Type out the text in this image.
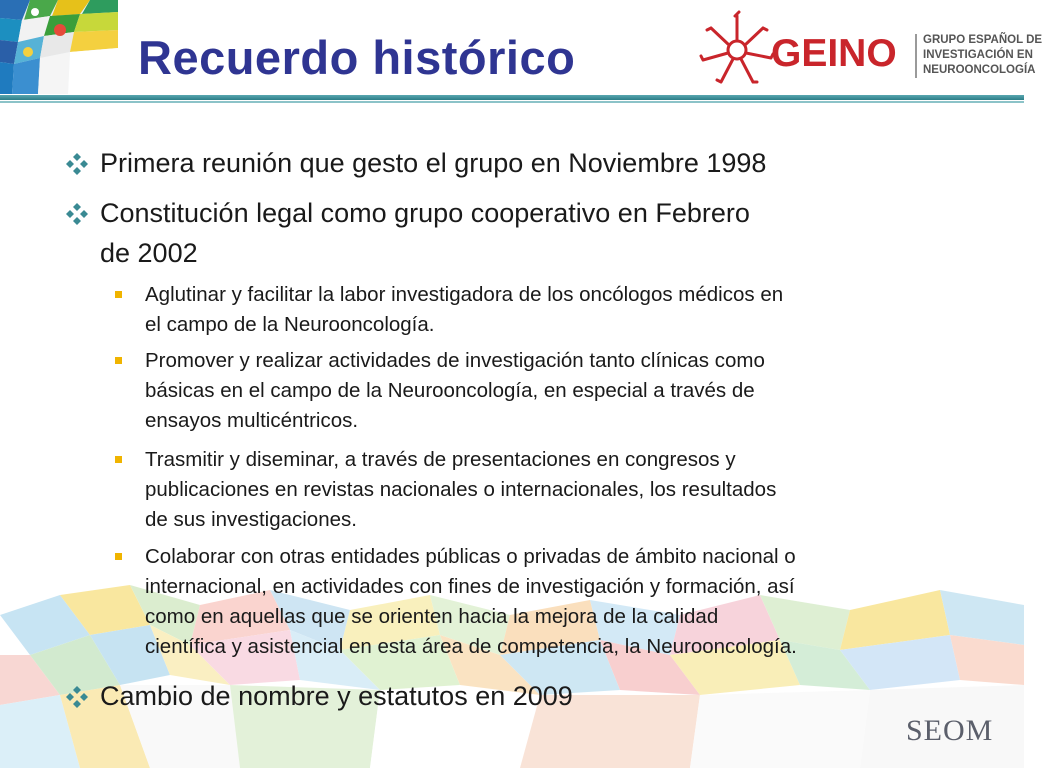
Recuerdo histórico	GEINO GRUPO ESPAÑOL DE
INVESTIGACIÓN EN
NEUROONCOLOGÍA
Primera reunión que gesto el grupo en Noviembre 1998
Constitución legal como grupo cooperativo en Febrero
de 2002
Aglutinar y facilitar la labor investigadora de los oncólogos médicos en
el campo de la Neurooncología.
Promover y realizar actividades de investigación tanto clínicas como
básicas en el campo de la Neurooncología, en especial a través de
ensayos multicéntricos.
Trasmitir y diseminar, a través de presentaciones en congresos y
publicaciones en revistas nacionales o internacionales, los resultados
de sus investigaciones.
Colaborar con otras entidades públicas o privadas de ámbito nacional o
internacional, en actividades con fines de investigación y formación, así
como en aquellas que se orienten hacia la mejora de la calidad
científica y asistencial en esta área de competencia, la Neurooncología.
Cambio de nombre y estatutos en 2009
SEOM
